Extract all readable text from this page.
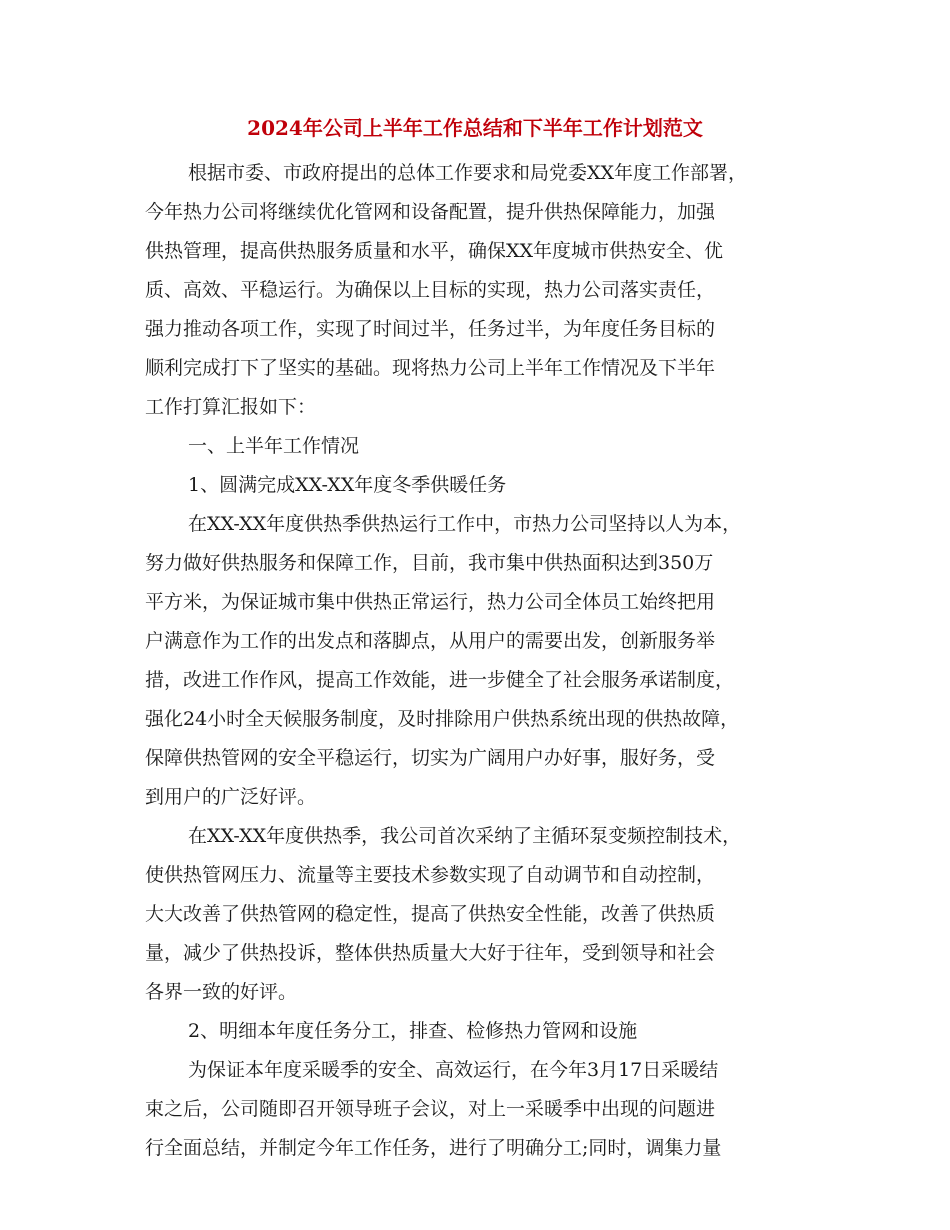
2024年公司上半年工作总结和下半年工作计划范文
根据市委、市政府提出的总体工作要求和局党委XX年度工作部署，
今年热力公司将继续优化管网和设备配置，提升供热保障能力，加强
供热管理，提高供热服务质量和水平，确保XX年度城市供热安全、优
质、高效、平稳运行。为确保以上目标的实现，热力公司落实责任，
强力推动各项工作，实现了时间过半，任务过半，为年度任务目标的
顺利完成打下了坚实的基础。现将热力公司上半年工作情况及下半年
工作打算汇报如下：
一、上半年工作情况
1、圆满完成XX-XX年度冬季供暖任务
在XX-XX年度供热季供热运行工作中，市热力公司坚持以人为本，
努力做好供热服务和保障工作，目前，我市集中供热面积达到350万
平方米，为保证城市集中供热正常运行，热力公司全体员工始终把用
户满意作为工作的出发点和落脚点，从用户的需要出发，创新服务举
措，改进工作作风，提高工作效能，进一步健全了社会服务承诺制度，
强化24小时全天候服务制度，及时排除用户供热系统出现的供热故障，
保障供热管网的安全平稳运行，切实为广阔用户办好事，服好务，受
到用户的广泛好评。
在XX-XX年度供热季，我公司首次采纳了主循环泵变频控制技术，
使供热管网压力、流量等主要技术参数实现了自动调节和自动控制，
大大改善了供热管网的稳定性，提高了供热安全性能，改善了供热质
量，减少了供热投诉，整体供热质量大大好于往年，受到领导和社会
各界一致的好评。
2、明细本年度任务分工，排查、检修热力管网和设施
为保证本年度采暖季的安全、高效运行，在今年3月17日采暖结
束之后，公司随即召开领导班子会议，对上一采暖季中出现的问题进
行全面总结，并制定今年工作任务，进行了明确分工;同时，调集力量
